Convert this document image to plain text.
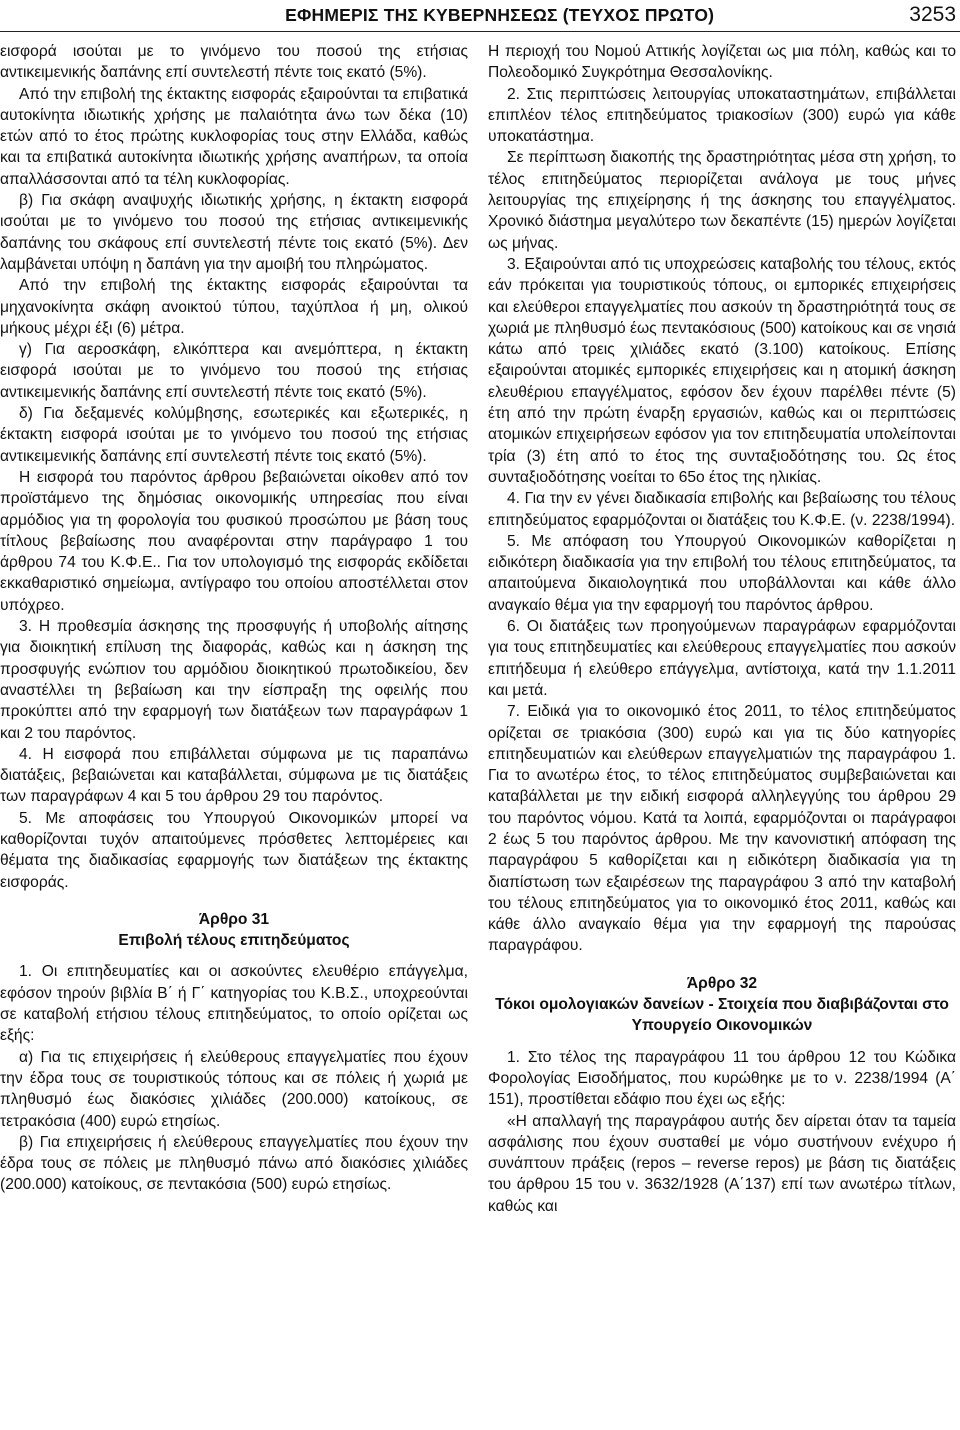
ΕΦΗΜΕΡΙΣ ΤΗΣ ΚΥΒΕΡΝΗΣΕΩΣ (ΤΕΥΧΟΣ ΠΡΩΤΟ)	3253

εισφορά ισούται με το γινόμενο του ποσού της ετήσιας αντικειμενικής δαπάνης επί συντελεστή πέντε τοις εκατό (5%).

Από την επιβολή της έκτακτης εισφοράς εξαιρούνται τα επιβατικά αυτοκίνητα ιδιωτικής χρήσης με παλαιότητα άνω των δέκα (10) ετών από το έτος πρώτης κυκλοφορίας τους στην Ελλάδα, καθώς και τα επιβατικά αυτοκίνητα ιδιωτικής χρήσης αναπήρων, τα οποία απαλλάσσονται από τα τέλη κυκλοφορίας.

β) Για σκάφη αναψυχής ιδιωτικής χρήσης, η έκτακτη εισφορά ισούται με το γινόμενο του ποσού της ετήσιας αντικειμενικής δαπάνης του σκάφους επί συντελεστή πέντε τοις εκατό (5%). Δεν λαμβάνεται υπόψη η δαπάνη για την αμοιβή του πληρώματος.

Από την επιβολή της έκτακτης εισφοράς εξαιρούνται τα μηχανοκίνητα σκάφη ανοικτού τύπου, ταχύπλοα ή μη, ολικού μήκους μέχρι έξι (6) μέτρα.

γ) Για αεροσκάφη, ελικόπτερα και ανεμόπτερα, η έκτακτη εισφορά ισούται με το γινόμενο του ποσού της ετήσιας αντικειμενικής δαπάνης επί συντελεστή πέντε τοις εκατό (5%).

δ) Για δεξαμενές κολύμβησης, εσωτερικές και εξωτερικές, η έκτακτη εισφορά ισούται με το γινόμενο του ποσού της ετήσιας αντικειμενικής δαπάνης επί συντελεστή πέντε τοις εκατό (5%).

Η εισφορά του παρόντος άρθρου βεβαιώνεται οίκοθεν από τον προϊστάμενο της δημόσιας οικονομικής υπηρεσίας που είναι αρμόδιος για τη φορολογία του φυσικού προσώπου με βάση τους τίτλους βεβαίωσης που αναφέρονται στην παράγραφο 1 του άρθρου 74 του Κ.Φ.Ε.. Για τον υπολογισμό της εισφοράς εκδίδεται εκκαθαριστικό σημείωμα, αντίγραφο του οποίου αποστέλλεται στον υπόχρεο.

3. Η προθεσμία άσκησης της προσφυγής ή υποβολής αίτησης για διοικητική επίλυση της διαφοράς, καθώς και η άσκηση της προσφυγής ενώπιον του αρμόδιου διοικητικού πρωτοδικείου, δεν αναστέλλει τη βεβαίωση και την είσπραξη της οφειλής που προκύπτει από την εφαρμογή των διατάξεων των παραγράφων 1 και 2 του παρόντος.

4. Η εισφορά που επιβάλλεται σύμφωνα με τις παραπάνω διατάξεις, βεβαιώνεται και καταβάλλεται, σύμφωνα με τις διατάξεις των παραγράφων 4 και 5 του άρθρου 29 του παρόντος.

5. Με αποφάσεις του Υπουργού Οικονομικών μπορεί να καθορίζονται τυχόν απαιτούμενες πρόσθετες λεπτομέρειες και θέματα της διαδικασίας εφαρμογής των διατάξεων της έκτακτης εισφοράς.

Άρθρο 31
Επιβολή τέλους επιτηδεύματος

1. Οι επιτηδευματίες και οι ασκούντες ελευθέριο επάγγελμα, εφόσον τηρούν βιβλία Β΄ ή Γ΄ κατηγορίας του Κ.Β.Σ., υποχρεούνται σε καταβολή ετήσιου τέλους επιτηδεύματος, το οποίο ορίζεται ως εξής:

α) Για τις επιχειρήσεις ή ελεύθερους επαγγελματίες που έχουν την έδρα τους σε τουριστικούς τόπους και σε πόλεις ή χωριά με πληθυσμό έως διακόσιες χιλιάδες (200.000) κατοίκους, σε τετρακόσια (400) ευρώ ετησίως.

β) Για επιχειρήσεις ή ελεύθερους επαγγελματίες που έχουν την έδρα τους σε πόλεις με πληθυσμό πάνω από διακόσιες χιλιάδες (200.000) κατοίκους, σε πεντακόσια (500) ευρώ ετησίως.

Η περιοχή του Νομού Αττικής λογίζεται ως μια πόλη, καθώς και το Πολεοδομικό Συγκρότημα Θεσσαλονίκης.

2. Στις περιπτώσεις λειτουργίας υποκαταστημάτων, επιβάλλεται επιπλέον τέλος επιτηδεύματος τριακοσίων (300) ευρώ για κάθε υποκατάστημα.

Σε περίπτωση διακοπής της δραστηριότητας μέσα στη χρήση, το τέλος επιτηδεύματος περιορίζεται ανάλογα με τους μήνες λειτουργίας της επιχείρησης ή της άσκησης του επαγγέλματος. Χρονικό διάστημα μεγαλύτερο των δεκαπέντε (15) ημερών λογίζεται ως μήνας.

3. Εξαιρούνται από τις υποχρεώσεις καταβολής του τέλους, εκτός εάν πρόκειται για τουριστικούς τόπους, οι εμπορικές επιχειρήσεις και ελεύθεροι επαγγελματίες που ασκούν τη δραστηριότητά τους σε χωριά με πληθυσμό έως πεντακόσιους (500) κατοίκους και σε νησιά κάτω από τρεις χιλιάδες εκατό (3.100) κατοίκους. Επίσης εξαιρούνται ατομικές εμπορικές επιχειρήσεις και η ατομική άσκηση ελευθέριου επαγγέλματος, εφόσον δεν έχουν παρέλθει πέντε (5) έτη από την πρώτη έναρξη εργασιών, καθώς και οι περιπτώσεις ατομικών επιχειρήσεων εφόσον για τον επιτηδευματία υπολείπονται τρία (3) έτη από το έτος της συνταξιοδότησης του. Ως έτος συνταξιοδότησης νοείται το 65ο έτος της ηλικίας.

4. Για την εν γένει διαδικασία επιβολής και βεβαίωσης του τέλους επιτηδεύματος εφαρμόζονται οι διατάξεις του Κ.Φ.Ε. (ν. 2238/1994).

5. Με απόφαση του Υπουργού Οικονομικών καθορίζεται η ειδικότερη διαδικασία για την επιβολή του τέλους επιτηδεύματος, τα απαιτούμενα δικαιολογητικά που υποβάλλονται και κάθε άλλο αναγκαίο θέμα για την εφαρμογή του παρόντος άρθρου.

6. Οι διατάξεις των προηγούμενων παραγράφων εφαρμόζονται για τους επιτηδευματίες και ελεύθερους επαγγελματίες που ασκούν επιτήδευμα ή ελεύθερο επάγγελμα, αντίστοιχα, κατά την 1.1.2011 και μετά.

7. Ειδικά για το οικονομικό έτος 2011, το τέλος επιτηδεύματος ορίζεται σε τριακόσια (300) ευρώ και για τις δύο κατηγορίες επιτηδευματιών και ελεύθερων επαγγελματιών της παραγράφου 1. Για το ανωτέρω έτος, το τέλος επιτηδεύματος συμβεβαιώνεται και καταβάλλεται με την ειδική εισφορά αλληλεγγύης του άρθρου 29 του παρόντος νόμου. Κατά τα λοιπά, εφαρμόζονται οι παράγραφοι 2 έως 5 του παρόντος άρθρου. Με την κανονιστική απόφαση της παραγράφου 5 καθορίζεται και η ειδικότερη διαδικασία για τη διαπίστωση των εξαιρέσεων της παραγράφου 3 από την καταβολή του τέλους επιτηδεύματος για το οικονομικό έτος 2011, καθώς και κάθε άλλο αναγκαίο θέμα για την εφαρμογή της παρούσας παραγράφου.

Άρθρο 32
Τόκοι ομολογιακών δανείων - Στοιχεία που διαβιβάζονται στο Υπουργείο Οικονομικών

1. Στο τέλος της παραγράφου 11 του άρθρου 12 του Κώδικα Φορολογίας Εισοδήματος, που κυρώθηκε με το ν. 2238/1994 (Α΄ 151), προστίθεται εδάφιο που έχει ως εξής:

«Η απαλλαγή της παραγράφου αυτής δεν αίρεται όταν τα ταμεία ασφάλισης που έχουν συσταθεί με νόμο συστήνουν ενέχυρο ή συνάπτουν πράξεις (repos – reverse repos) με βάση τις διατάξεις του άρθρου 15 του ν. 3632/1928 (Α΄137) επί των ανωτέρω τίτλων, καθώς και
